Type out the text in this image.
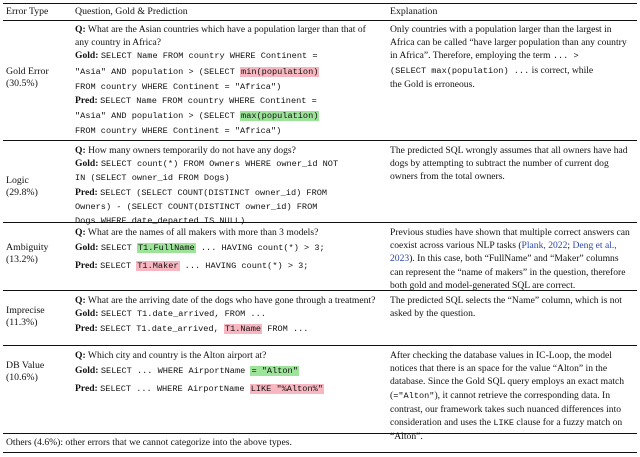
Error Type	Question, Gold & Prediction	Explanation
Gold Error
(30.5%)
Q: What are the Asian countries which have a population larger than that of
any country in Africa?
Gold: SELECT Name FROM country WHERE Continent =
"Asia" AND population > (SELECT min(population)
FROM country WHERE Continent = "Africa")
Pred: SELECT Name FROM country WHERE Continent =
"Asia" AND population > (SELECT max(population)
FROM country WHERE Continent = "Africa")
Only countries with a population larger than the largest in
Africa can be called “have larger population than any country
in Africa”. Therefore, employing the term ... >
(SELECT max(population) ... is correct, while
the Gold is erroneous.
Logic
(29.8%)
Q: How many owners temporarily do not have any dogs?
Gold: SELECT count(*) FROM Owners WHERE owner_id NOT
IN (SELECT owner_id FROM Dogs)
Pred: SELECT (SELECT COUNT(DISTINCT owner_id) FROM
Owners) - (SELECT COUNT(DISTINCT owner_id) FROM
Dogs WHERE date_departed IS NULL)
The predicted SQL wrongly assumes that all owners have had
dogs by attempting to subtract the number of current dog
owners from the total owners.
Ambiguity
(13.2%)
Q: What are the names of all makers with more than 3 models?
Gold: SELECT T1.FullName ... HAVING count(*) > 3;
Pred: SELECT T1.Maker ... HAVING count(*) > 3;
Previous studies have shown that multiple correct answers can
coexist across various NLP tasks (Plank, 2022; Deng et al.,
2023). In this case, both “FullName” and “Maker” columns
can represent the “name of makers” in the question, therefore
both gold and model-generated SQL are correct.
Imprecise
(11.3%)
Q: What are the arriving date of the dogs who have gone through a treatment?
Gold: SELECT T1.date_arrived, FROM ...
Pred: SELECT T1.date_arrived, T1.Name FROM ...
The predicted SQL selects the “Name” column, which is not
asked by the question.
DB Value
(10.6%)
Q: Which city and country is the Alton airport at?
Gold: SELECT ... WHERE AirportName = "Alton"
Pred: SELECT ... WHERE AirportName LIKE "%Alton%"
After checking the database values in IC-Loop, the model
notices that there is an space for the value “Alton” in the
database. Since the Gold SQL query employs an exact match
(="Alton"), it cannot retrieve the corresponding data. In
contrast, our framework takes such nuanced differences into
consideration and uses the LIKE clause for a fuzzy match on
“Alton”.
Others (4.6%): other errors that we cannot categorize into the above types.
